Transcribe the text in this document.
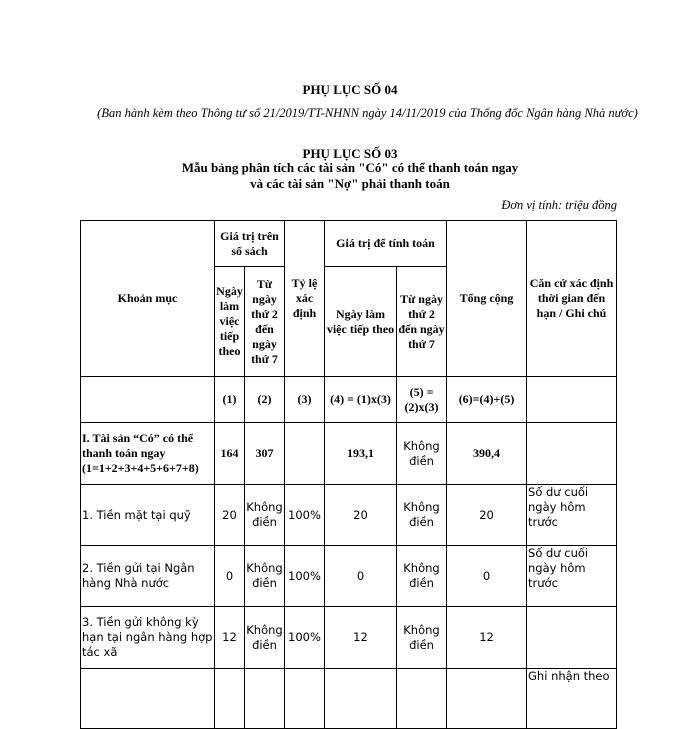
PHỤ LỤC SỐ 04
(Ban hành kèm theo Thông tư số 21/2019/TT-NHNN ngày 14/11/2019 của Thống đốc Ngân hàng Nhà nước)
PHỤ LỤC SỐ 03
Mẫu bảng phân tích các tài sản "Có" có thể thanh toán ngay
và các tài sản "Nợ" phải thanh toán
Đơn vị tính: triệu đồng
Khoản mục	Giá trị trên sổ sách		Tỷ lệ xác định	Giá trị để tính toán		Tổng cộng	Căn cứ xác định thời gian đến hạn / Ghi chú
	Ngày làm việc tiếp theo	Từ ngày thứ 2 đến ngày thứ 7		Ngày làm việc tiếp theo	Từ ngày thứ 2 đến ngày thứ 7		
	(1)	(2)	(3)	(4) = (1)x(3)	(5) = (2)x(3)	(6)=(4)+(5)	
I. Tài sản “Có” có thể thanh toán ngay (1=1+2+3+4+5+6+7+8)	164	307		193,1	Không điền	390,4	
1. Tiền mặt tại quỹ	20	Không điền	100%	20	Không điền	20	Số dư cuối ngày hôm trước
2. Tiền gửi tại Ngân hàng Nhà nước	0	Không điền	100%	0	Không điền	0	Số dư cuối ngày hôm trước
3. Tiền gửi không kỳ hạn tại ngân hàng hợp tác xã	12	Không điền	100%	12	Không điền	12	
							Ghi nhận theo
